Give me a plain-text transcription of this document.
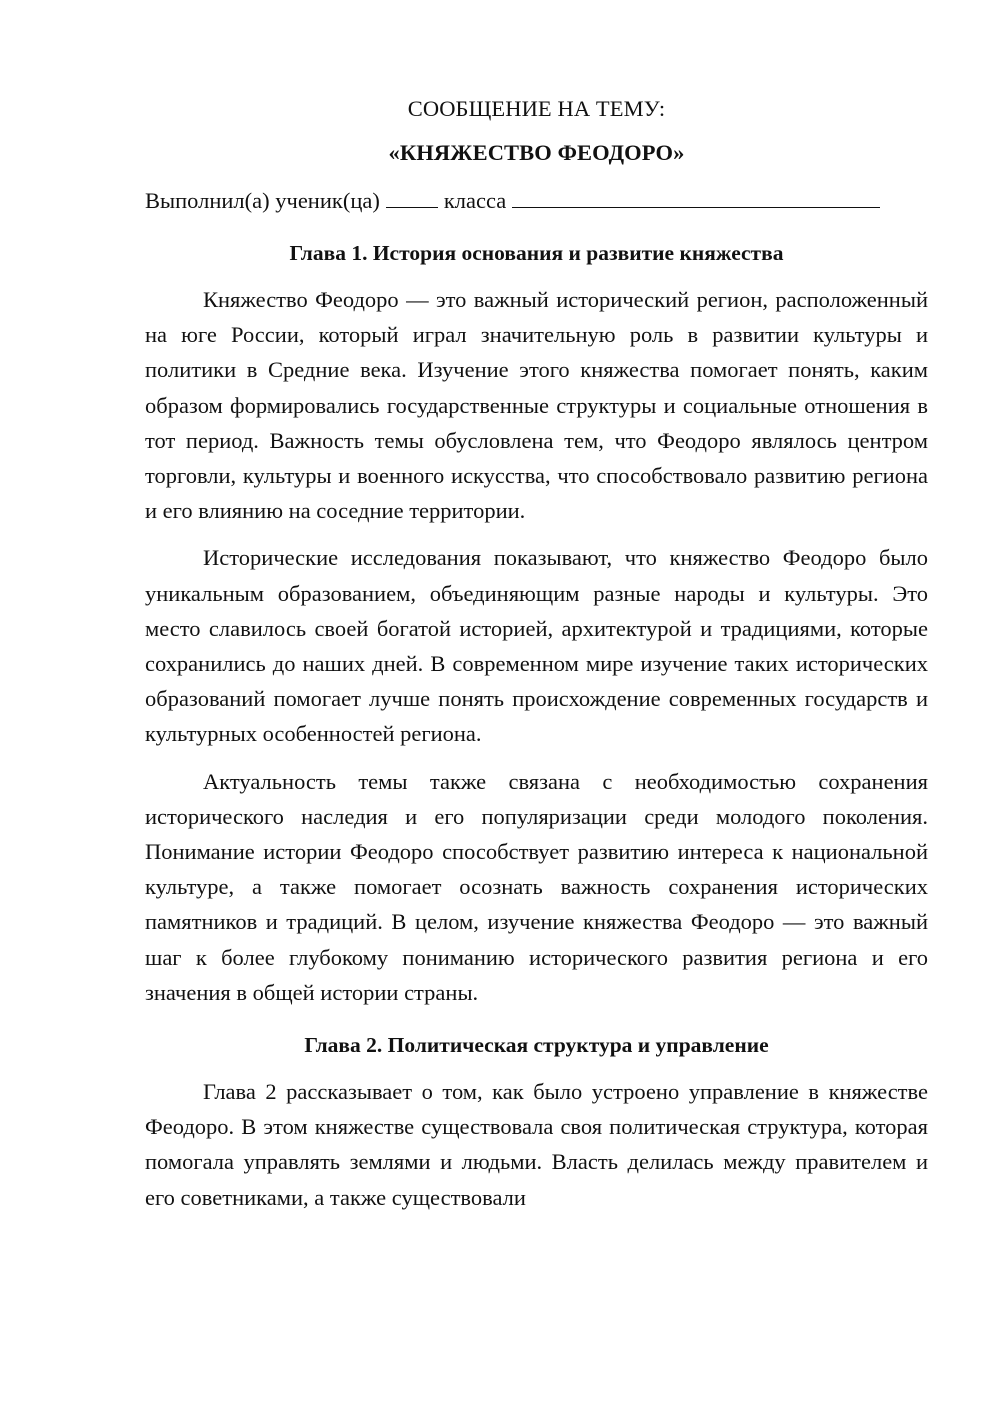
СООБЩЕНИЕ НА ТЕМУ:
«КНЯЖЕСТВО ФЕОДОРО»
Выполнил(а) ученик(ца)	класса
Глава 1. История основания и развитие княжества

Княжество Феодоро — это важный исторический регион, расположенный на юге России, который играл значительную роль в развитии культуры и политики в Средние века. Изучение этого княжества помогает понять, каким образом формировались государственные структуры и социальные отношения в тот период. Важность темы обусловлена тем, что Феодоро являлось центром торговли, культуры и военного искусства, что способствовало развитию региона и его влиянию на соседние территории.

Исторические исследования показывают, что княжество Феодоро было уникальным образованием, объединяющим разные народы и культуры. Это место славилось своей богатой историей, архитектурой и традициями, которые сохранились до наших дней. В современном мире изучение таких исторических образований помогает лучше понять происхождение современных государств и культурных особенностей региона.

Актуальность темы также связана с необходимостью сохранения исторического наследия и его популяризации среди молодого поколения. Понимание истории Феодоро способствует развитию интереса к национальной культуре, а также помогает осознать важность сохранения исторических памятников и традиций. В целом, изучение княжества Феодоро — это важный шаг к более глубокому пониманию исторического развития региона и его значения в общей истории страны.

Глава 2. Политическая структура и управление

Глава 2 рассказывает о том, как было устроено управление в княжестве Феодоро. В этом княжестве существовала своя политическая структура, которая помогала управлять землями и людьми. Власть делилась между правителем и его советниками, а также существовали
